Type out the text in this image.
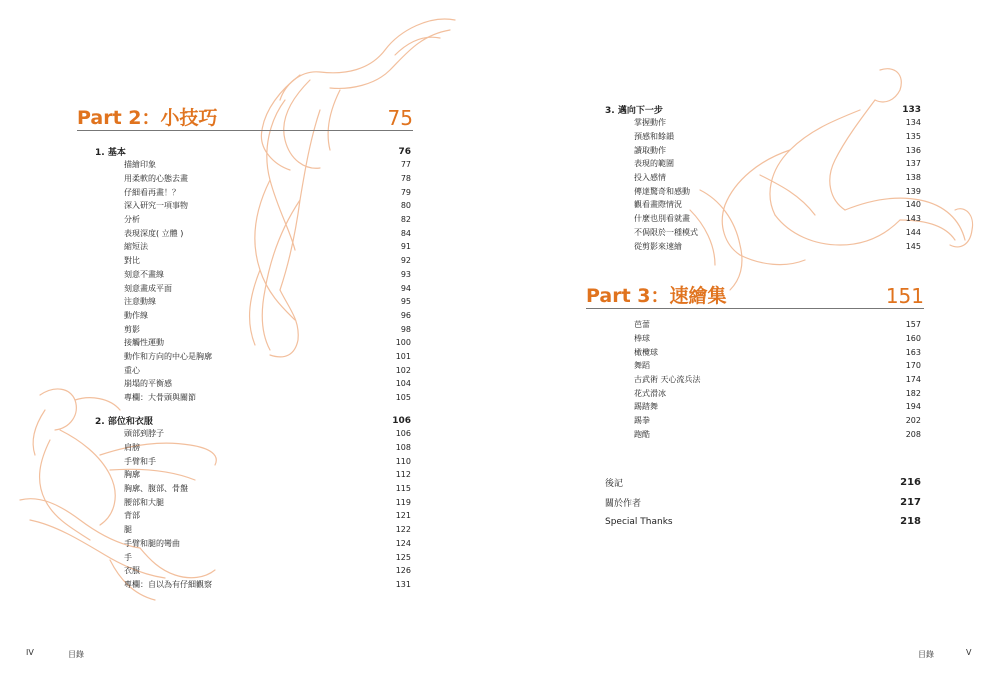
Part 2：小技巧	75
1. 基本	76
描繪印象	77
用柔軟的心態去畫	78
仔細看再畫！？	79
深入研究一項事物	80
分析	82
表現深度( 立體 )	84
縮短法	91
對比	92
刻意不畫線	93
刻意畫成平面	94
注意動線	95
動作線	96
剪影	98
接觸性運動	100
動作和方向的中心是胸廓	101
重心	102
崩塌的平衡感	104
專欄：大骨頭與關節	105
2. 部位和衣服	106
頭部到脖子	106
肩膀	108
手臂和手	110
胸廓	112
胸廓、腹部、骨盤	115
腰部和大腿	119
背部	121
腿	122
手臂和腿的彎曲	124
手	125
衣服	126
專欄：自以為有仔細觀察	131
IV	目錄
3. 邁向下一步	133
掌握動作	134
預感和餘韻	135
讀取動作	136
表現的範圍	137
投入感情	138
傳達驚奇和感動	139
觀看畫際情況	140
什麼也別看就畫	143
不侷限於一種模式	144
從剪影來速繪	145
Part 3：速繪集	151
芭蕾	157
棒球	160
橄欖球	163
舞蹈	170
古武術 天心流兵法	174
花式滑冰	182
踢踏舞	194
踢拳	202
跑酷	208
後記	216
關於作者	217
Special Thanks	218
目錄	V
